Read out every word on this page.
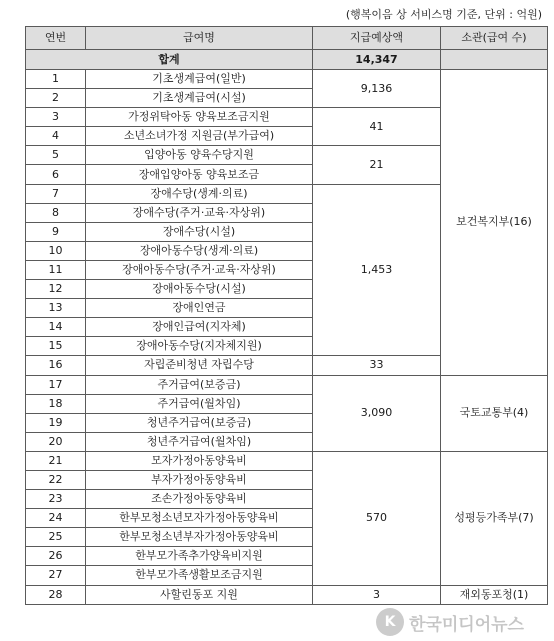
(행복이음 상 서비스명 기준, 단위 : 억원)
연번	급여명	지급예상액	소관(급여 수)
합계		14,347	
1	기초생계급여(일반)	9,136	보건복지부(16)
2	기초생계급여(시설)		
3	가정위탁아동 양육보조금지원	41	
4	소년소녀가정 지원금(부가급여)		
5	입양아동 양육수당지원	21	
6	장애입양아동 양육보조금		
7	장애수당(생계·의료)	1,453	
8	장애수당(주거·교육·자상위)		
9	장애수당(시설)		
10	장애아동수당(생계·의료)		
11	장애아동수당(주거·교육·자상위)		
12	장애아동수당(시설)		
13	장애인연금		
14	장애인급여(지자체)		
15	장애아동수당(지자체지원)		
16	자립준비청년 자립수당	33	
17	주거급여(보증금)	3,090	국토교통부(4)
18	주거급여(월차임)		
19	청년주거급여(보증금)		
20	청년주거급여(월차임)		
21	모자가정아동양육비	570	성평등가족부(7)
22	부자가정아동양육비		
23	조손가정아동양육비		
24	한부모청소년모자가정아동양육비		
25	한부모청소년부자가정아동양육비		
26	한부모가족추가양육비지원		
27	한부모가족생활보조금지원		
28	사할린동포 지원	3	재외동포청(1)
K 한국미디어뉴스
